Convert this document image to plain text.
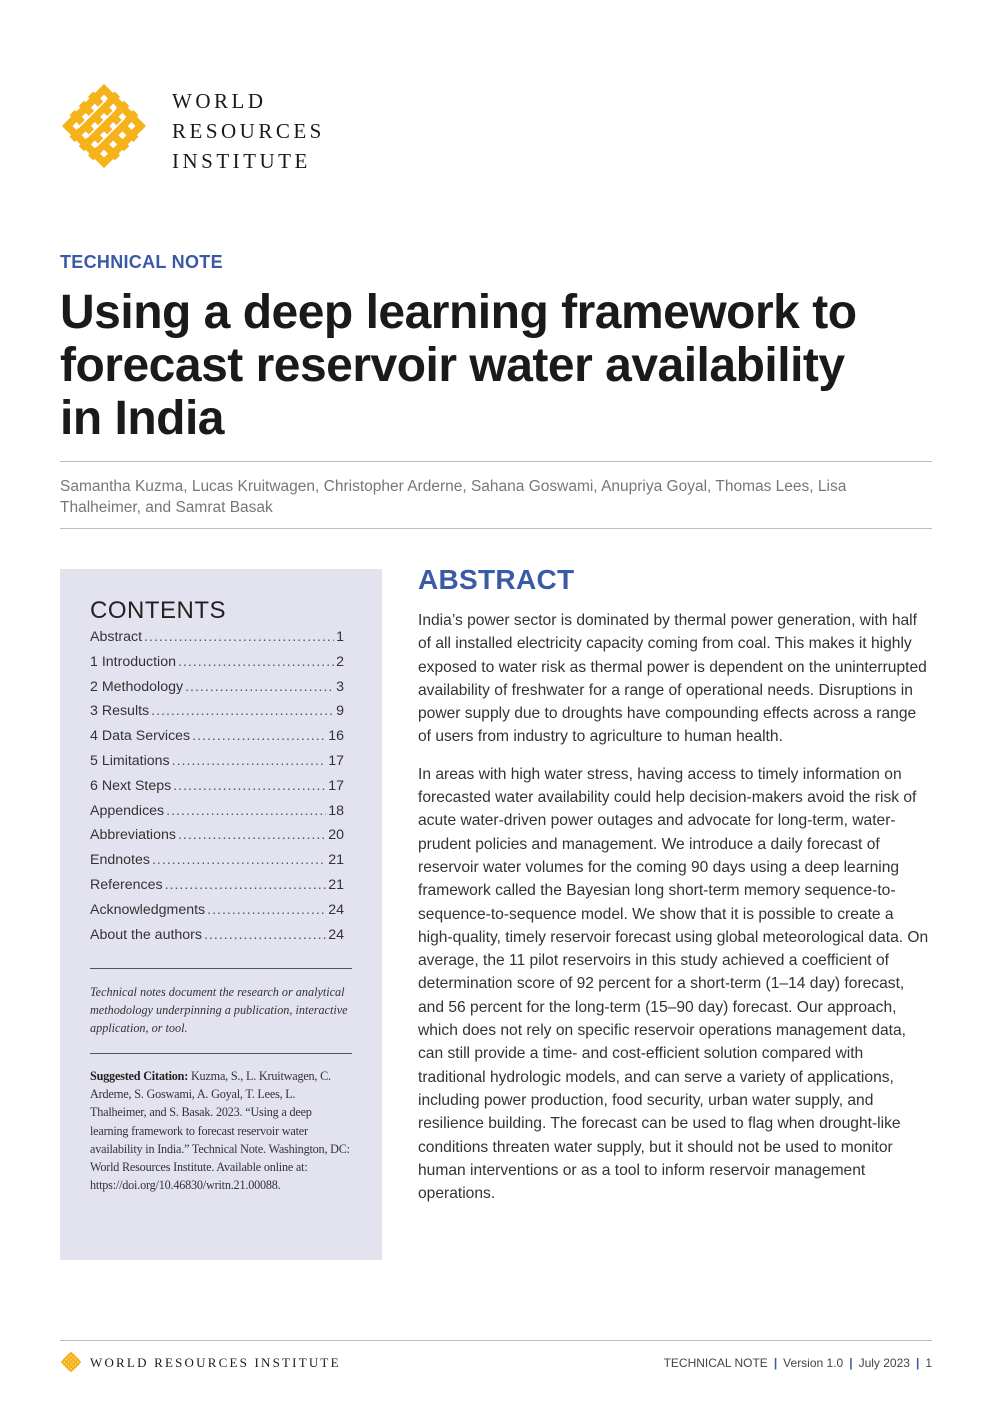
WORLD
RESOURCES
INSTITUTE
TECHNICAL NOTE
Using a deep learning framework to
forecast reservoir water availability
in India
Samantha Kuzma, Lucas Kruitwagen, Christopher Arderne, Sahana Goswami, Anupriya Goyal, Thomas Lees, Lisa Thalheimer, and Samrat Basak
CONTENTS
Abstract .....	1
1 Introduction .....	2
2 Methodology .....	3
3 Results .....	9
4 Data Services .....	16
5 Limitations .....	17
6 Next Steps .....	17
Appendices .....	18
Abbreviations .....	20
Endnotes .....	21
References .....	21
Acknowledgments .....	24
About the authors .....	24
Technical notes document the research or analytical methodology underpinning a publication, interactive application, or tool.
Suggested Citation: Kuzma, S., L. Kruitwagen, C. Arderne, S. Goswami, A. Goyal, T. Lees, L. Thalheimer, and S. Basak. 2023. “Using a deep learning framework to forecast reservoir water availability in India.” Technical Note. Washington, DC: World Resources Institute. Available online at: https://doi.org/10.46830/writn.21.00088.
ABSTRACT

India’s power sector is dominated by thermal power generation, with half of all installed electricity capacity coming from coal. This makes it highly exposed to water risk as thermal power is dependent on the uninterrupted availability of freshwater for a range of operational needs. Disruptions in power supply due to droughts have compounding effects across a range of users from industry to agriculture to human health.

In areas with high water stress, having access to timely information on forecasted water availability could help decision-makers avoid the risk of acute water-driven power outages and advocate for long-term, water-prudent policies and management. We introduce a daily forecast of reservoir water volumes for the coming 90 days using a deep learning framework called the Bayesian long short-term memory sequence-to-sequence-to-sequence model. We show that it is possible to create a high-quality, timely reservoir forecast using global meteorological data. On average, the 11 pilot reservoirs in this study achieved a coefficient of determination score of 92 percent for a short-term (1–14 day) forecast, and 56 percent for the long-term (15–90 day) forecast. Our approach, which does not rely on specific reservoir operations management data, can still provide a time- and cost-efficient solution compared with traditional hydrologic models, and can serve a variety of applications, including power production, food security, urban water supply, and resilience building. The forecast can be used to flag when drought-like conditions threaten water supply, but it should not be used to monitor human interventions or as a tool to inform reservoir management operations.

WORLD RESOURCES INSTITUTE	TECHNICAL NOTE | Version 1.0 | July 2023 | 1
